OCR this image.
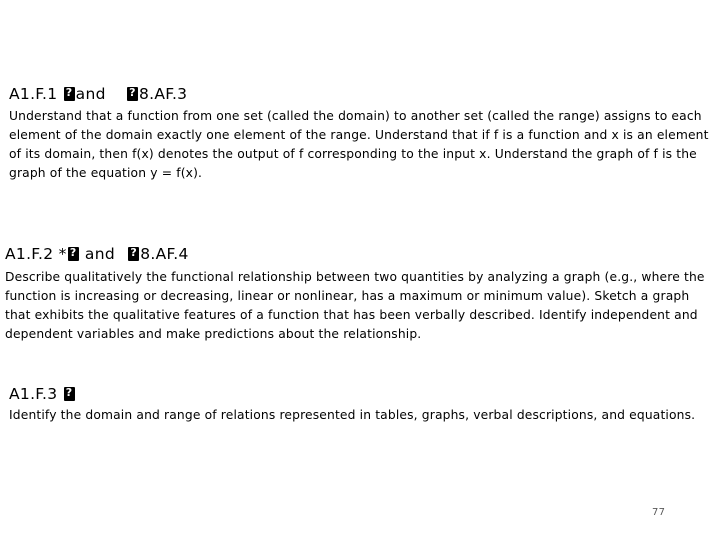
A1.F.1 ? and ? 8.AF.3
Understand that a function from one set (called the domain) to another set (called the range) assigns to each element of the domain exactly one element of the range. Understand that if f is a function and x is an element of its domain, then f(x) denotes the output of f corresponding to the input x. Understand the graph of f is the graph of the equation y = f(x).
A1.F.2 * ? and ? 8.AF.4
Describe qualitatively the functional relationship between two quantities by analyzing a graph (e.g., where the function is increasing or decreasing, linear or nonlinear, has a maximum or minimum value). Sketch a graph that exhibits the qualitative features of a function that has been verbally described. Identify independent and dependent variables and make predictions about the relationship.
A1.F.3 ?
Identify the domain and range of relations represented in tables, graphs, verbal descriptions, and equations.
77
